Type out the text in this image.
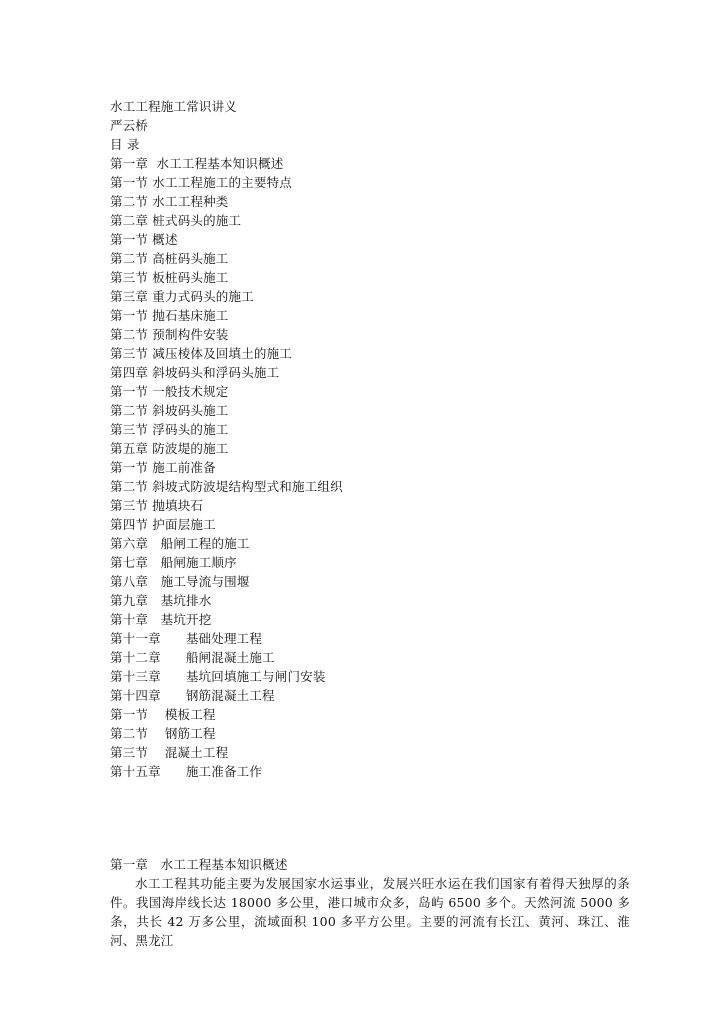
水工工程施工常识讲义
严云桥
目 录
第一章
水工工程基本知识概述
第一节
水工工程施工的主要特点
第二节
水工工程种类
第二章
桩式码头的施工
第一节
概述
第二节
高桩码头施工
第三节
板桩码头施工
第三章
重力式码头的施工
第一节
抛石基床施工
第二节
预制构件安装
第三节
减压棱体及回填土的施工
第四章
斜坡码头和浮码头施工
第一节
一般技术规定
第二节
斜坡码头施工
第三节
浮码头的施工
第五章
防波堤的施工
第一节
施工前准备
第二节
斜坡式防波堤结构型式和施工组织
第三节
抛填块石
第四节
护面层施工
第六章
船闸工程的施工
第七章
船闸施工顺序
第八章
施工导流与围堰
第九章
基坑排水
第十章
基坑开挖
第十一章
基础处理工程
第十二章
船闸混凝土施工
第十三章
基坑回填施工与闸门安装
第十四章
钢筋混凝土工程
第一节
模板工程
第二节
钢筋工程
第三节
混凝土工程
第十五章
施工准备工作
第一章   水工工程基本知识概述

水工工程其功能主要为发展国家水运事业，发展兴旺水运在我们国家有着得天独厚的条件。我国海岸线长达 18000 多公里，港口城市众多，岛屿 6500 多个。天然河流 5000 多条，共长 42 万多公里，流域面积 100 多平方公里。主要的河流有长江、黄河、珠江、淮河、黑龙江
